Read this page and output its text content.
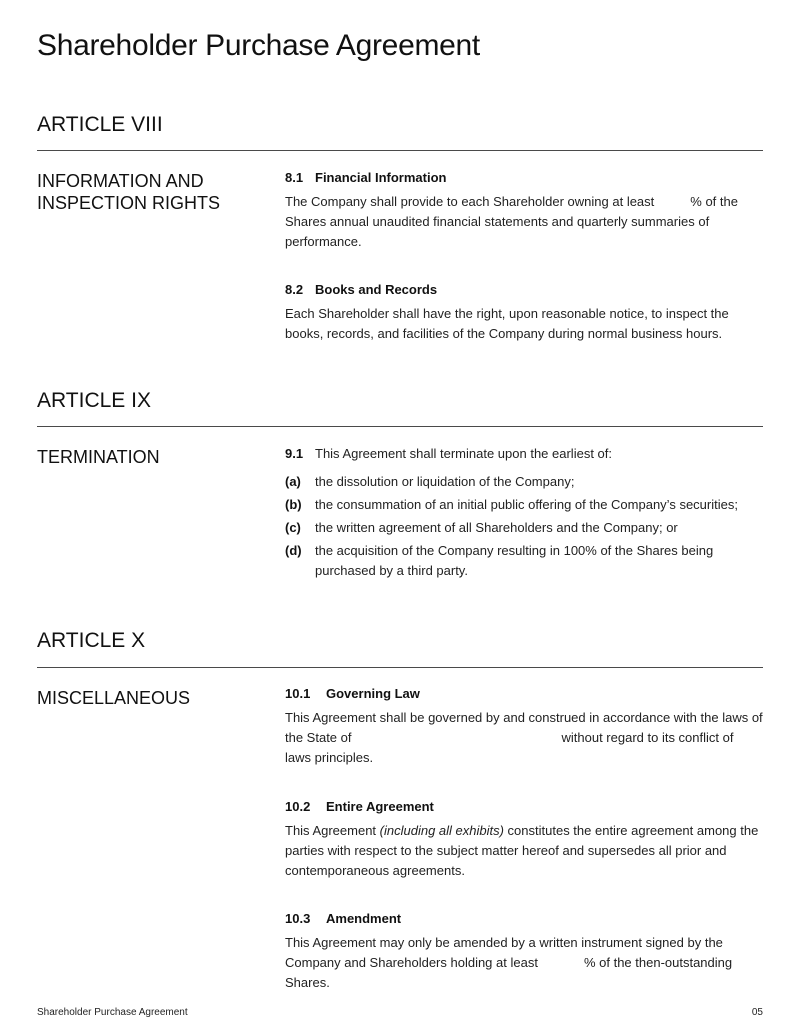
Shareholder Purchase Agreement
ARTICLE VIII
INFORMATION AND INSPECTION RIGHTS

8.1 Financial Information

The Company shall provide to each Shareholder owning at least	% of the Shares annual unaudited financial statements and quarterly summaries of performance.

8.2 Books and Records

Each Shareholder shall have the right, upon reasonable notice, to inspect the books, records, and facilities of the Company during normal business hours.

ARTICLE IX
TERMINATION	9.1 This Agreement shall terminate upon the earliest of:

(a)	the dissolution or liquidation of the Company;
(b)	the consummation of an initial public offering of the Company’s securities;
(c)	the written agreement of all Shareholders and the Company; or
(d)	the acquisition of the Company resulting in 100% of the Shares being purchased by a third party.
ARTICLE X
MISCELLANEOUS	10.1 Governing Law

This Agreement shall be governed by and construed in accordance with the laws of the State of	without regard to its conflict of laws principles.

10.2 Entire Agreement

This Agreement (including all exhibits) constitutes the entire agreement among the parties with respect to the subject matter hereof and supersedes all prior and contemporaneous agreements.

10.3 Amendment

This Agreement may only be amended by a written instrument signed by the Company and Shareholders holding at least	% of the then-outstanding Shares.

Shareholder Purchase Agreement	05
